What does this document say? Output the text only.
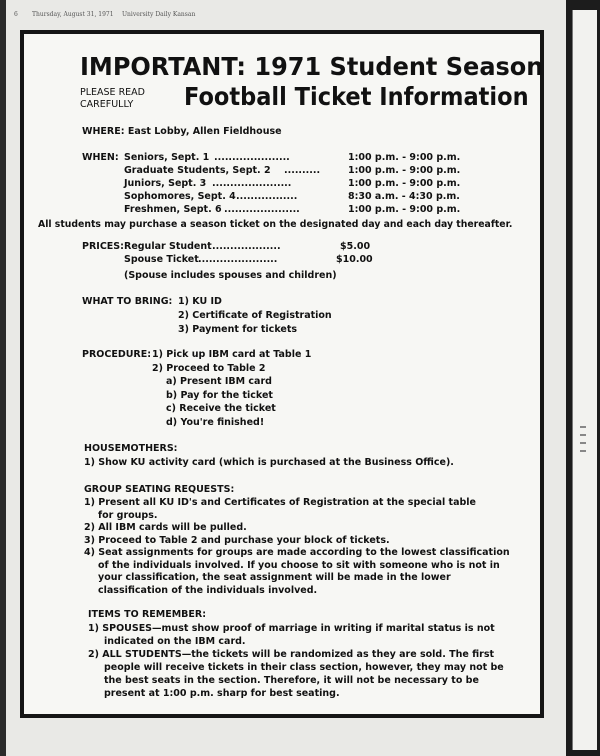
6 Thursday, August 31, 1971 University Daily Kansan
IMPORTANT: 1971 Student Season
PLEASE READ
CAREFULLY	Football Ticket Information
WHERE: East Lobby, Allen Fieldhouse
WHEN: Seniors, Sept. 1 .....................	1:00 p.m. - 9:00 p.m.
Graduate Students, Sept. 2 ..........	1:00 p.m. - 9:00 p.m.
Juniors, Sept. 3 ......................	1:00 p.m. - 9:00 p.m.
Sophomores, Sept. 4 .................	8:30 a.m. - 4:30 p.m.
Freshmen, Sept. 6 .....................	1:00 p.m. - 9:00 p.m.
All students may purchase a season ticket on the designated day and each day thereafter.
PRICES: Regular Student ...................	$5.00
Spouse Ticket ......................	$10.00
(Spouse includes spouses and children)
WHAT TO BRING: 1) KU ID
2) Certificate of Registration
3) Payment for tickets
PROCEDURE: 1) Pick up IBM card at Table 1
2) Proceed to Table 2
a) Present IBM card
b) Pay for the ticket
c) Receive the ticket
d) You're finished!
HOUSEMOTHERS:
1) Show KU activity card (which is purchased at the Business Office).
GROUP SEATING REQUESTS:
1) Present all KU ID's and Certificates of Registration at the special table
for groups.
2) All IBM cards will be pulled.
3) Proceed to Table 2 and purchase your block of tickets.
4) Seat assignments for groups are made according to the lowest classification
of the individuals involved. If you choose to sit with someone who is not in
your classification, the seat assignment will be made in the lower
classification of the individuals involved.
ITEMS TO REMEMBER:
1) SPOUSES—must show proof of marriage in writing if marital status is not
indicated on the IBM card.
2) ALL STUDENTS—the tickets will be randomized as they are sold. The first
people will receive tickets in their class section, however, they may not be
the best seats in the section. Therefore, it will not be necessary to be
present at 1:00 p.m. sharp for best seating.
